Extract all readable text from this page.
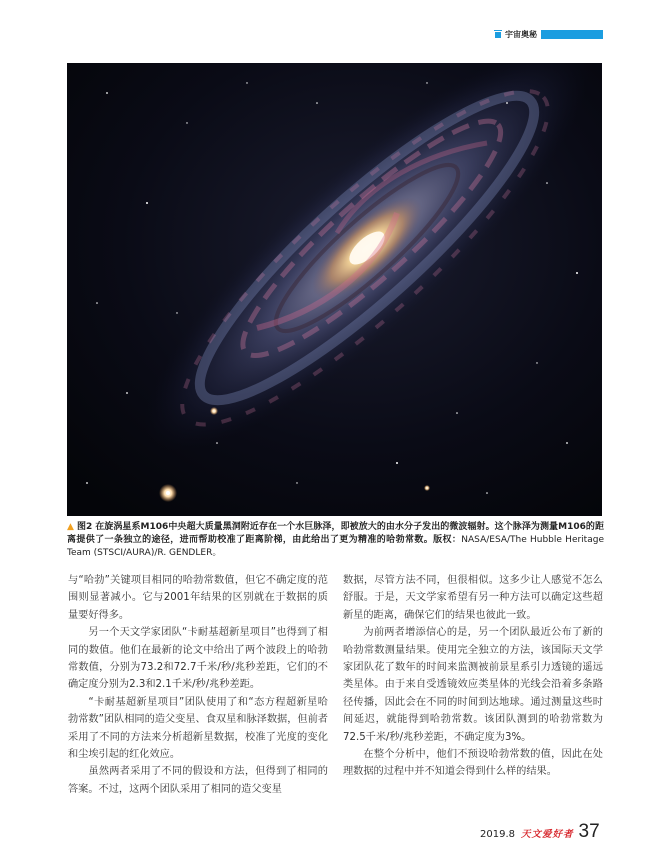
宇宙奥秘
▲ 图2 在旋涡星系M106中央超大质量黑洞附近存在一个水巨脉泽，即被放大的由水分子发出的微波辐射。这个脉泽为测量M106的距离提供了一条独立的途径，进而帮助校准了距离阶梯，由此给出了更为精准的哈勃常数。版权：NASA/ESA/The Hubble Heritage Team (STSCI/AURA)/R. GENDLER。

与“哈勃”关键项目相同的哈勃常数值，但它不确定度的范围则显著减小。它与2001年结果的区别就在于数据的质量要好得多。

另一个天文学家团队“卡耐基超新星项目”也得到了相同的数值。他们在最新的论文中给出了两个波段上的哈勃常数值，分别为73.2和72.7千米/秒/兆秒差距，它们的不确定度分别为2.3和2.1千米/秒/兆秒差距。

“卡耐基超新星项目”团队使用了和“态方程超新星哈勃常数”团队相同的造父变星、食双星和脉泽数据，但前者采用了不同的方法来分析超新星数据，校准了光度的变化和尘埃引起的红化效应。

虽然两者采用了不同的假设和方法，但得到了相同的答案。不过，这两个团队采用了相同的造父变星

数据，尽管方法不同，但很相似。这多少让人感觉不怎么舒服。于是，天文学家希望有另一种方法可以确定这些超新星的距离，确保它们的结果也彼此一致。

为前两者增添信心的是，另一个团队最近公布了新的哈勃常数测量结果。使用完全独立的方法，该国际天文学家团队花了数年的时间来监测被前景星系引力透镜的遥远类星体。由于来自受透镜效应类星体的光线会沿着多条路径传播，因此会在不同的时间到达地球。通过测量这些时间延迟，就能得到哈勃常数。该团队测到的哈勃常数为72.5千米/秒/兆秒差距，不确定度为3%。

在整个分析中，他们不预设哈勃常数的值，因此在处理数据的过程中并不知道会得到什么样的结果。

2019.8 天文爱好者 37
